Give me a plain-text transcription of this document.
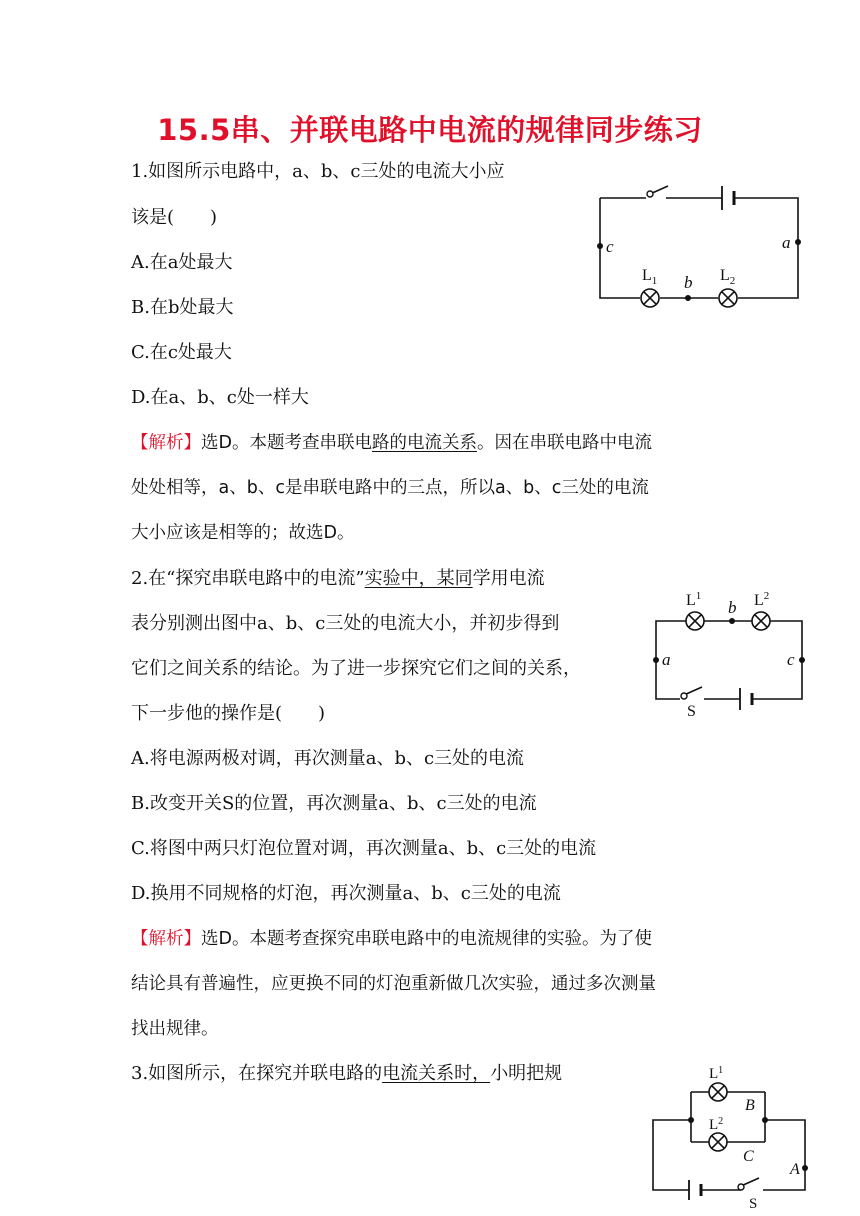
15.5串、并联电路中电流的规律同步练习
1.如图所示电路中，a、b、c三处的电流大小应
该是(　　)
A.在a处最大
B.在b处最大
C.在c处最大
D.在a、b、c处一样大
【解析】选D。本题考查串联电路的电流关系。因在串联电路中电流
处处相等，a、b、c是串联电路中的三点，所以a、b、c三处的电流
大小应该是相等的；故选D。
c	a
b
$L_1$	$L_2$
2.在“探究串联电路中的电流”实验中，某同学用电流
表分别测出图中a、b、c三处的电流大小，并初步得到
它们之间关系的结论。为了进一步探究它们之间的关系，
下一步他的操作是(　　)
A.将电源两极对调，再次测量a、b、c三处的电流
B.改变开关S的位置，再次测量a、b、c三处的电流
C.将图中两只灯泡位置对调，再次测量a、b、c三处的电流
D.换用不同规格的灯泡，再次测量a、b、c三处的电流
【解析】选D。本题考查探究串联电路中的电流规律的实验。为了使
结论具有普遍性，应更换不同的灯泡重新做几次实验，通过多次测量
找出规律。
a	c
b
$L^1$	$L^2$
S
3.如图所示，在探究并联电路的电流关系时，小明把规	$L^1$
$L^2$
B
C
A
S
